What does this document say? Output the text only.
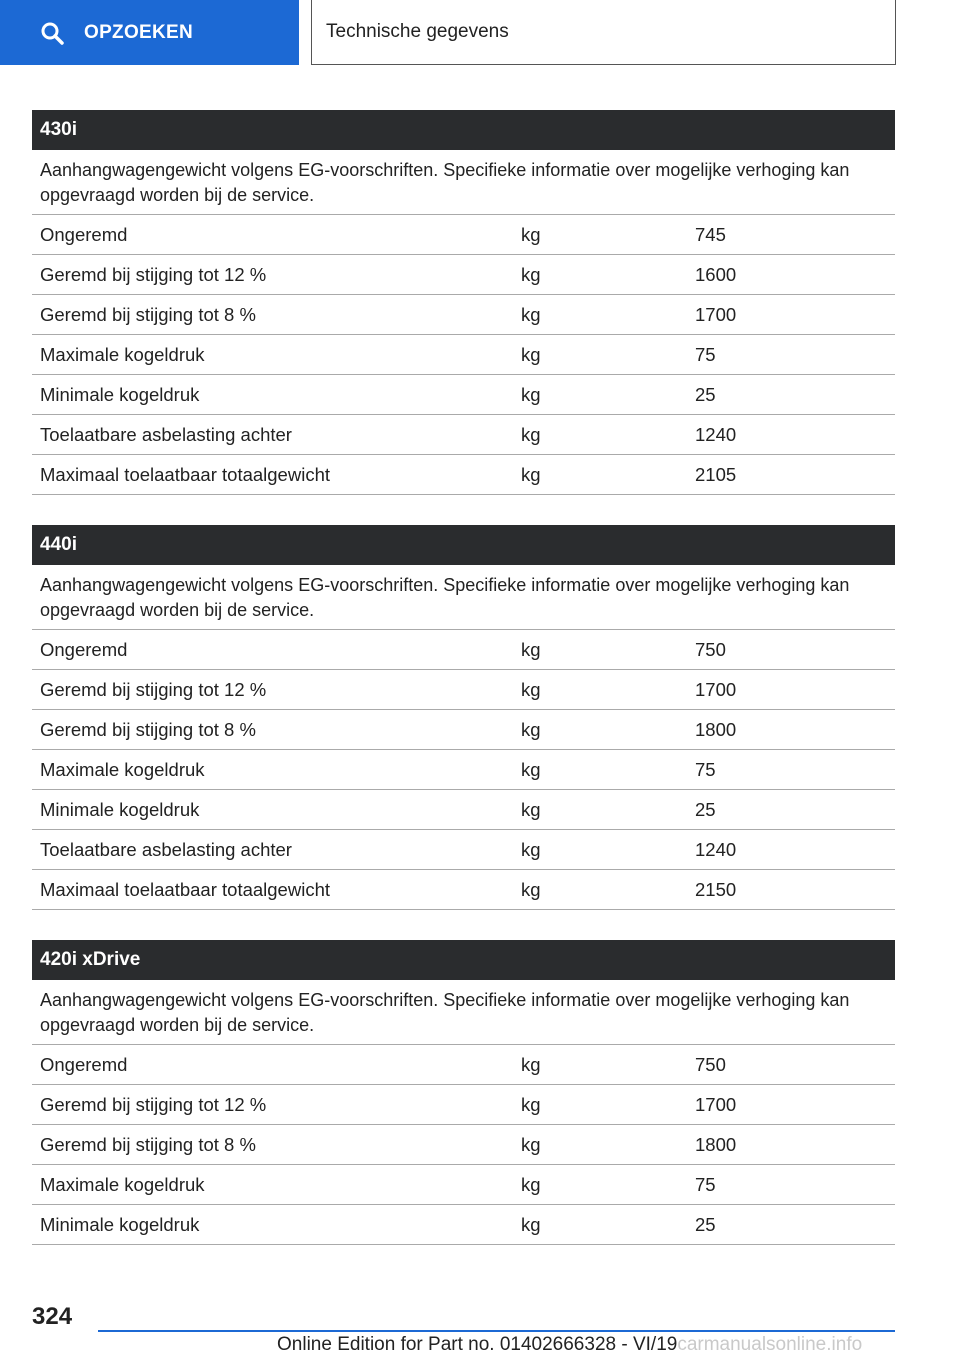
OPZOEKEN	Technische gegevens
430i
Aanhangwagengewicht volgens EG-voorschriften. Specifieke informatie over mogelijke verhoging kan opgevraagd worden bij de service.
Ongeremd	kg	745
Geremd bij stijging tot 12 %	kg	1600
Geremd bij stijging tot 8 %	kg	1700
Maximale kogeldruk	kg	75
Minimale kogeldruk	kg	25
Toelaatbare asbelasting achter	kg	1240
Maximaal toelaatbaar totaalgewicht	kg	2105
440i
Aanhangwagengewicht volgens EG-voorschriften. Specifieke informatie over mogelijke verhoging kan opgevraagd worden bij de service.
Ongeremd	kg	750
Geremd bij stijging tot 12 %	kg	1700
Geremd bij stijging tot 8 %	kg	1800
Maximale kogeldruk	kg	75
Minimale kogeldruk	kg	25
Toelaatbare asbelasting achter	kg	1240
Maximaal toelaatbaar totaalgewicht	kg	2150
420i xDrive
Aanhangwagengewicht volgens EG-voorschriften. Specifieke informatie over mogelijke verhoging kan opgevraagd worden bij de service.
Ongeremd	kg	750
Geremd bij stijging tot 12 %	kg	1700
Geremd bij stijging tot 8 %	kg	1800
Maximale kogeldruk	kg	75
Minimale kogeldruk	kg	25
324
Online Edition for Part no. 01402666328 - VI/19carmanualsonline.info
